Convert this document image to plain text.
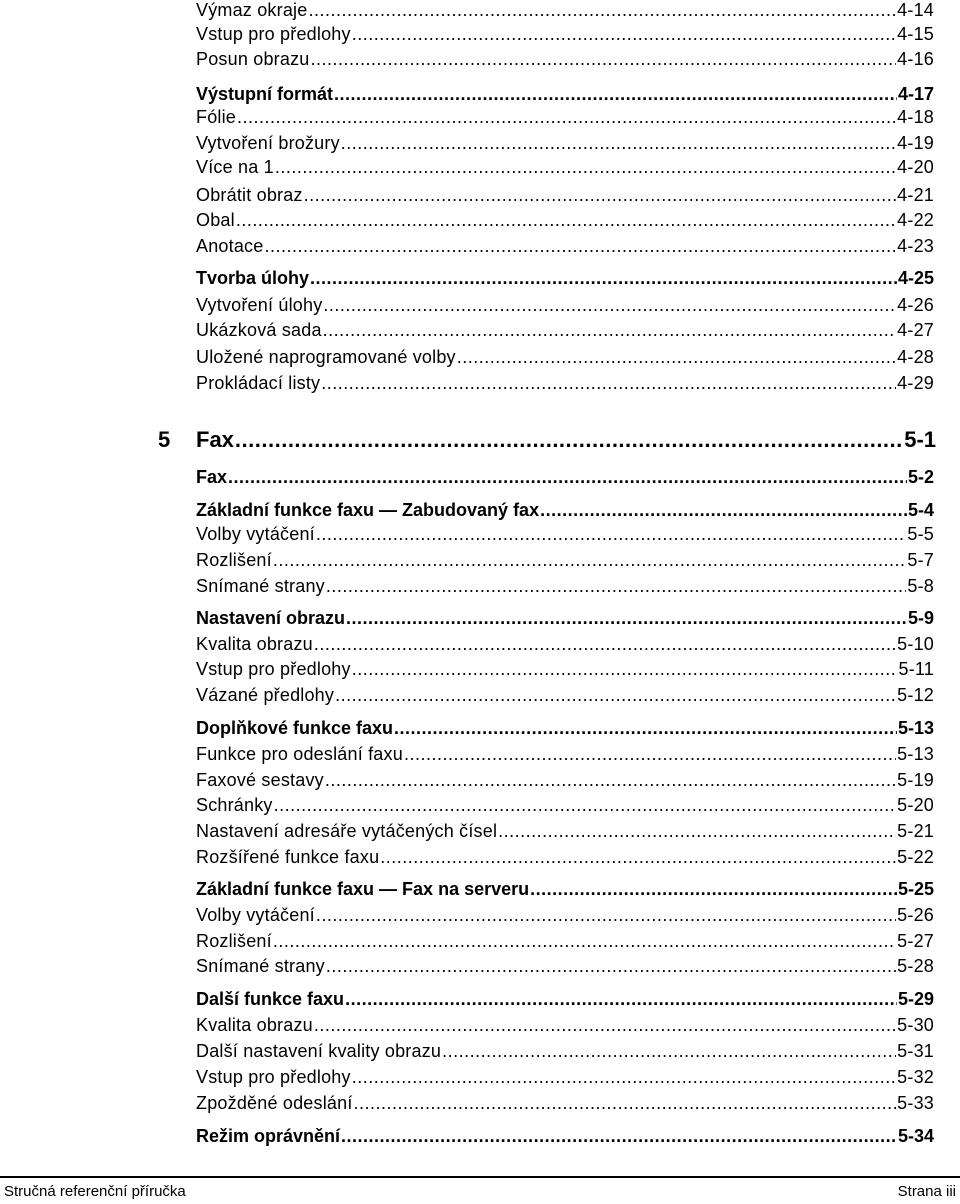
Výmaz okraje .....	4-14
Vstup pro předlohy .....	4-15
Posun obrazu .....	4-16
Výstupní formát .....	4-17
Fólie .....	4-18
Vytvoření brožury .....	4-19
Více na 1 .....	4-20
Obrátit obraz .....	4-21
Obal .....	4-22
Anotace .....	4-23
Tvorba úlohy .....	4-25
Vytvoření úlohy .....	4-26
Ukázková sada .....	4-27
Uložené naprogramované volby .....	4-28
Prokládací listy .....	4-29
5 Fax .....	5-1
Fax .....	5-2
Základní funkce faxu — Zabudovaný fax .....	5-4
Volby vytáčení .....	5-5
Rozlišení .....	5-7
Snímané strany .....	5-8
Nastavení obrazu .....	5-9
Kvalita obrazu .....	5-10
Vstup pro předlohy .....	5-11
Vázané předlohy .....	5-12
Doplňkové funkce faxu .....	5-13
Funkce pro odeslání faxu .....	5-13
Faxové sestavy .....	5-19
Schránky .....	5-20
Nastavení adresáře vytáčených čísel .....	5-21
Rozšířené funkce faxu .....	5-22
Základní funkce faxu — Fax na serveru .....	5-25
Volby vytáčení .....	5-26
Rozlišení .....	5-27
Snímané strany .....	5-28
Další funkce faxu .....	5-29
Kvalita obrazu .....	5-30
Další nastavení kvality obrazu .....	5-31
Vstup pro předlohy .....	5-32
Zpožděné odeslání .....	5-33
Režim oprávnění .....	5-34
Stručná referenční příručka	Strana iii
